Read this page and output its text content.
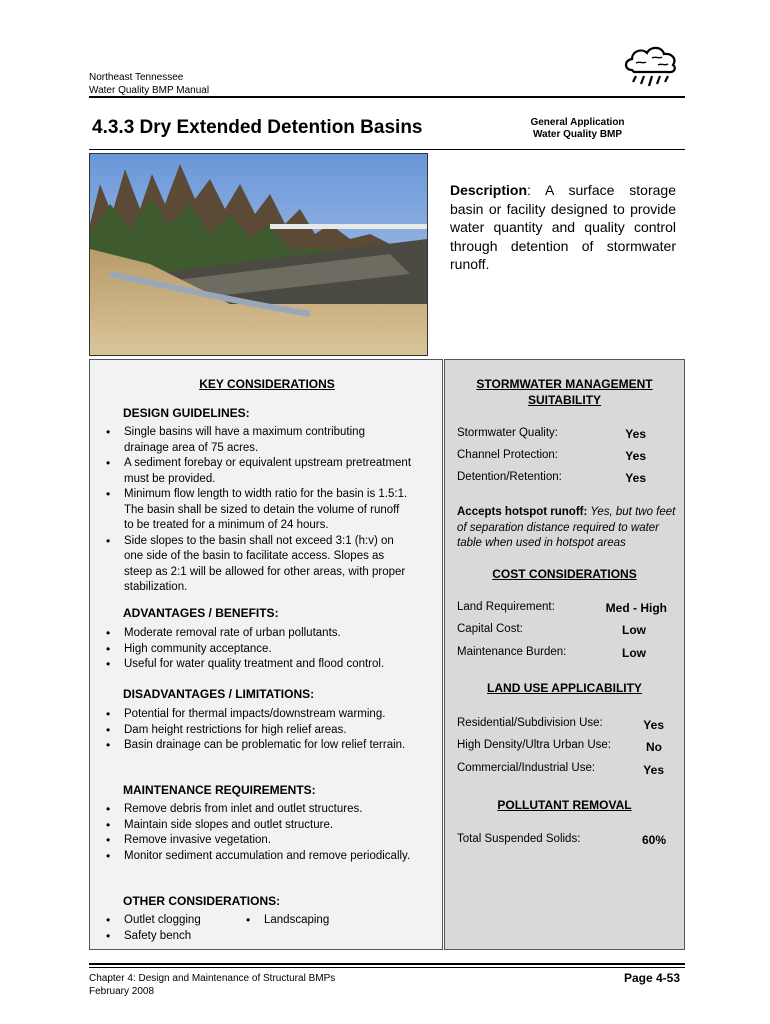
Northeast Tennessee
Water Quality BMP Manual
4.3.3 Dry Extended Detention Basins	General Application
Water Quality BMP
Description: A surface storage basin or facility designed to provide water quantity and quality control through detention of stormwater runoff.
KEY CONSIDERATIONS
DESIGN GUIDELINES:
• Single basins will have a maximum contributing drainage area of 75 acres.
• A sediment forebay or equivalent upstream pretreatment must be provided.
• Minimum flow length to width ratio for the basin is 1.5:1. The basin shall be sized to detain the volume of runoff to be treated for a minimum of 24 hours.
• Side slopes to the basin shall not exceed 3:1 (h:v) on one side of the basin to facilitate access. Slopes as steep as 2:1 will be allowed for other areas, with proper stabilization.
ADVANTAGES / BENEFITS:
• Moderate removal rate of urban pollutants.
• High community acceptance.
• Useful for water quality treatment and flood control.
DISADVANTAGES / LIMITATIONS:
• Potential for thermal impacts/downstream warming.
• Dam height restrictions for high relief areas.
• Basin drainage can be problematic for low relief terrain.
MAINTENANCE REQUIREMENTS:
• Remove debris from inlet and outlet structures.
• Maintain side slopes and outlet structure.
• Remove invasive vegetation.
• Monitor sediment accumulation and remove periodically.
OTHER CONSIDERATIONS:
• Outlet clogging
• Safety bench
• Landscaping
STORMWATER MANAGEMENT
SUITABILITY
Stormwater Quality:	Yes
Channel Protection:	Yes
Detention/Retention:	Yes
Accepts hotspot runoff: Yes, but two feet of separation distance required to water table when used in hotspot areas
COST CONSIDERATIONS
Land Requirement:	Med - High
Capital Cost:	Low
Maintenance Burden:	Low
LAND USE APPLICABILITY
Residential/Subdivision Use:	Yes
High Density/Ultra Urban Use:	No
Commercial/Industrial Use:	Yes
POLLUTANT REMOVAL
Total Suspended Solids:	60%
Chapter 4: Design and Maintenance of Structural BMPs
February 2008
Page 4-53
